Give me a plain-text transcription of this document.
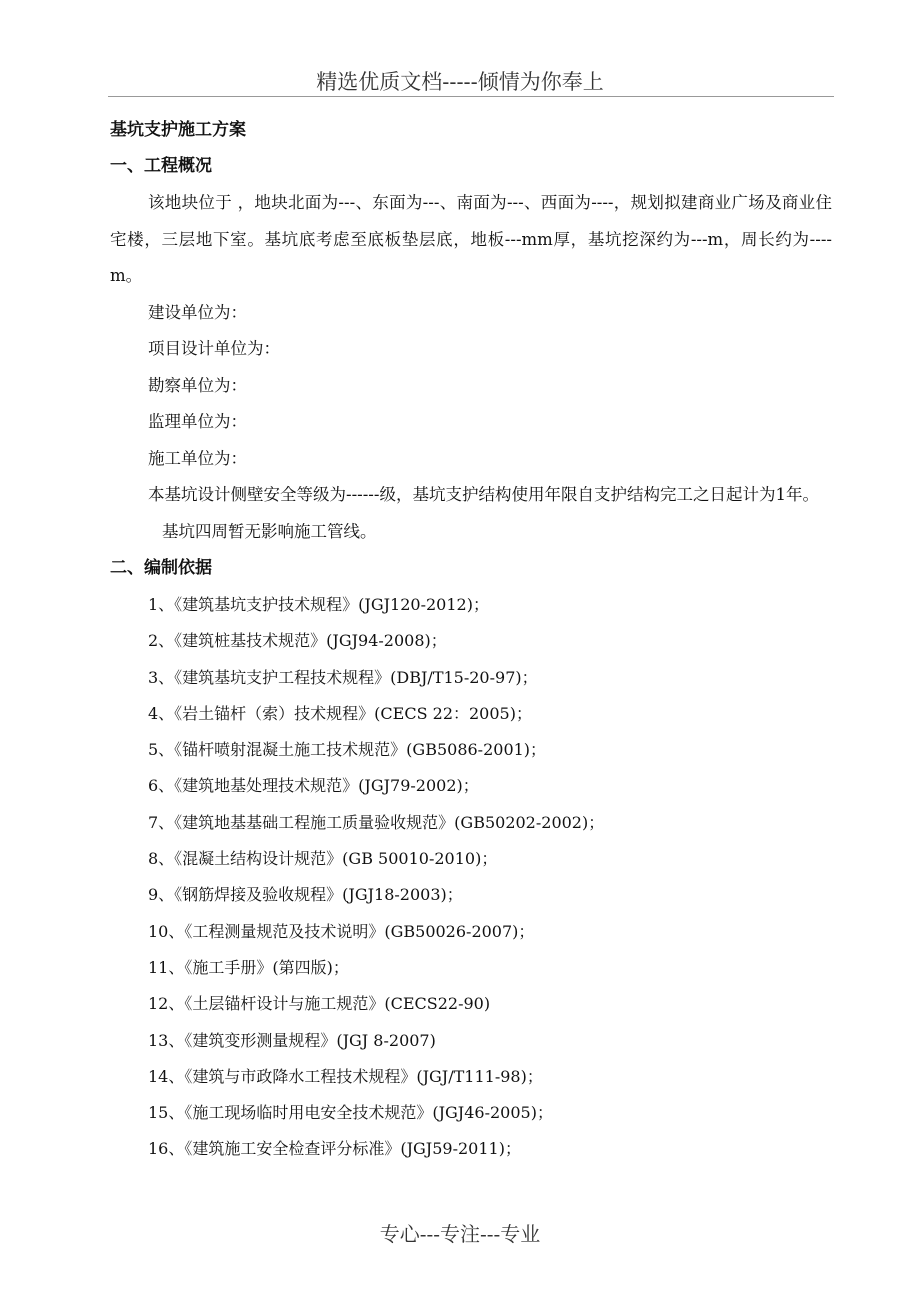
精选优质文档-----倾情为你奉上
基坑支护施工方案
一、工程概况

该地块位于 ，地块北面为---、东面为---、南面为---、西面为----，规划拟建商业广场及商业住宅楼，三层地下室。基坑底考虑至底板垫层底，地板---mm厚，基坑挖深约为---m，周长约为----m。

建设单位为：
项目设计单位为：
勘察单位为：
监理单位为：
施工单位为：

本基坑设计侧壁安全等级为------级，基坑支护结构使用年限自支护结构完工之日起计为1年。

基坑四周暂无影响施工管线。
二、编制依据
1、《建筑基坑支护技术规程》(JGJ120-2012)；
2、《建筑桩基技术规范》(JGJ94-2008)；
3、《建筑基坑支护工程技术规程》(DBJ/T15-20-97)；
4、《岩土锚杆（索）技术规程》(CECS 22：2005)；
5、《锚杆喷射混凝土施工技术规范》(GB5086-2001)；
6、《建筑地基处理技术规范》(JGJ79-2002)；
7、《建筑地基基础工程施工质量验收规范》(GB50202-2002)；
8、《混凝土结构设计规范》(GB 50010-2010)；
9、《钢筋焊接及验收规程》(JGJ18-2003)；
10、《工程测量规范及技术说明》(GB50026-2007)；
11、《施工手册》(第四版)；
12、《土层锚杆设计与施工规范》(CECS22-90)
13、《建筑变形测量规程》(JGJ 8-2007)
14、《建筑与市政降水工程技术规程》(JGJ/T111-98)；
15、《施工现场临时用电安全技术规范》(JGJ46-2005)；
16、《建筑施工安全检查评分标准》(JGJ59-2011)；
专心---专注---专业
